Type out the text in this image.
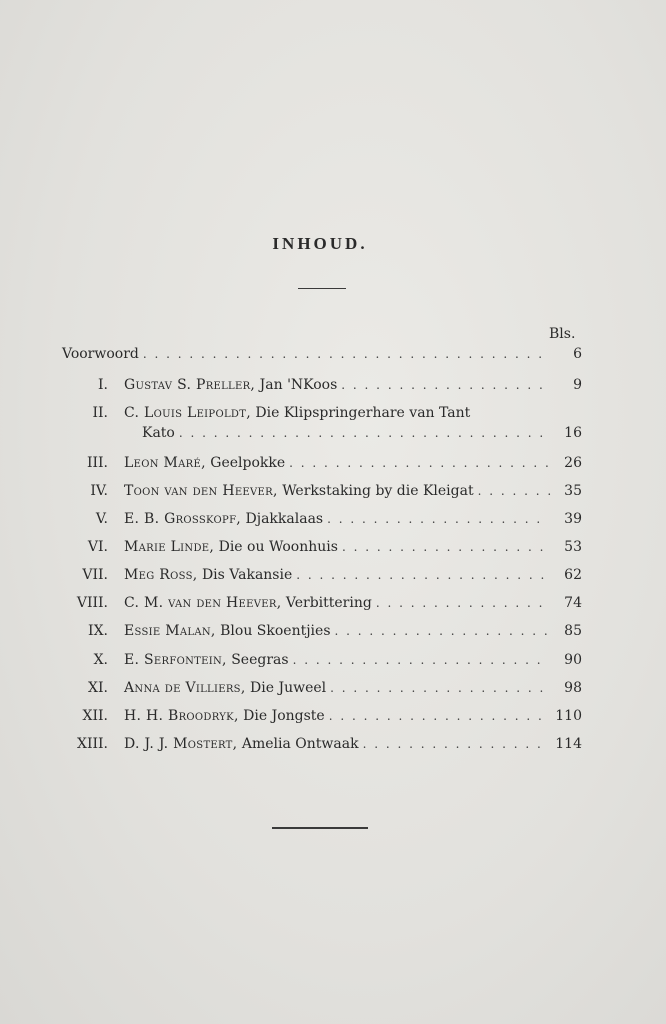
INHOUD.
Bls.
Voorwoord . . .	6
I. Gustav S. Preller, Jan 'NKoos . . .	9
II. C. Louis Leipoldt, Die Klipspringerhare van Tant
Kato . . .	16
III. Leon Maré, Geelpokke . . .	26
IV. Toon van den Heever, Werkstaking by die Kleigat . . .	35
V. E. B. Grosskopf, Djakkalaas . . .	39
VI. Marie Linde, Die ou Woonhuis . . .	53
VII. Meg Ross, Dis Vakansie . . .	62
VIII. C. M. van den Heever, Verbittering . . .	74
IX. Essie Malan, Blou Skoentjies . . .	85
X. E. Serfontein, Seegras . . .	90
XI. Anna de Villiers, Die Juweel . . .	98
XII. H. H. Broodryk, Die Jongste . . .	110
XIII. D. J. J. Mostert, Amelia Ontwaak . . .	114
